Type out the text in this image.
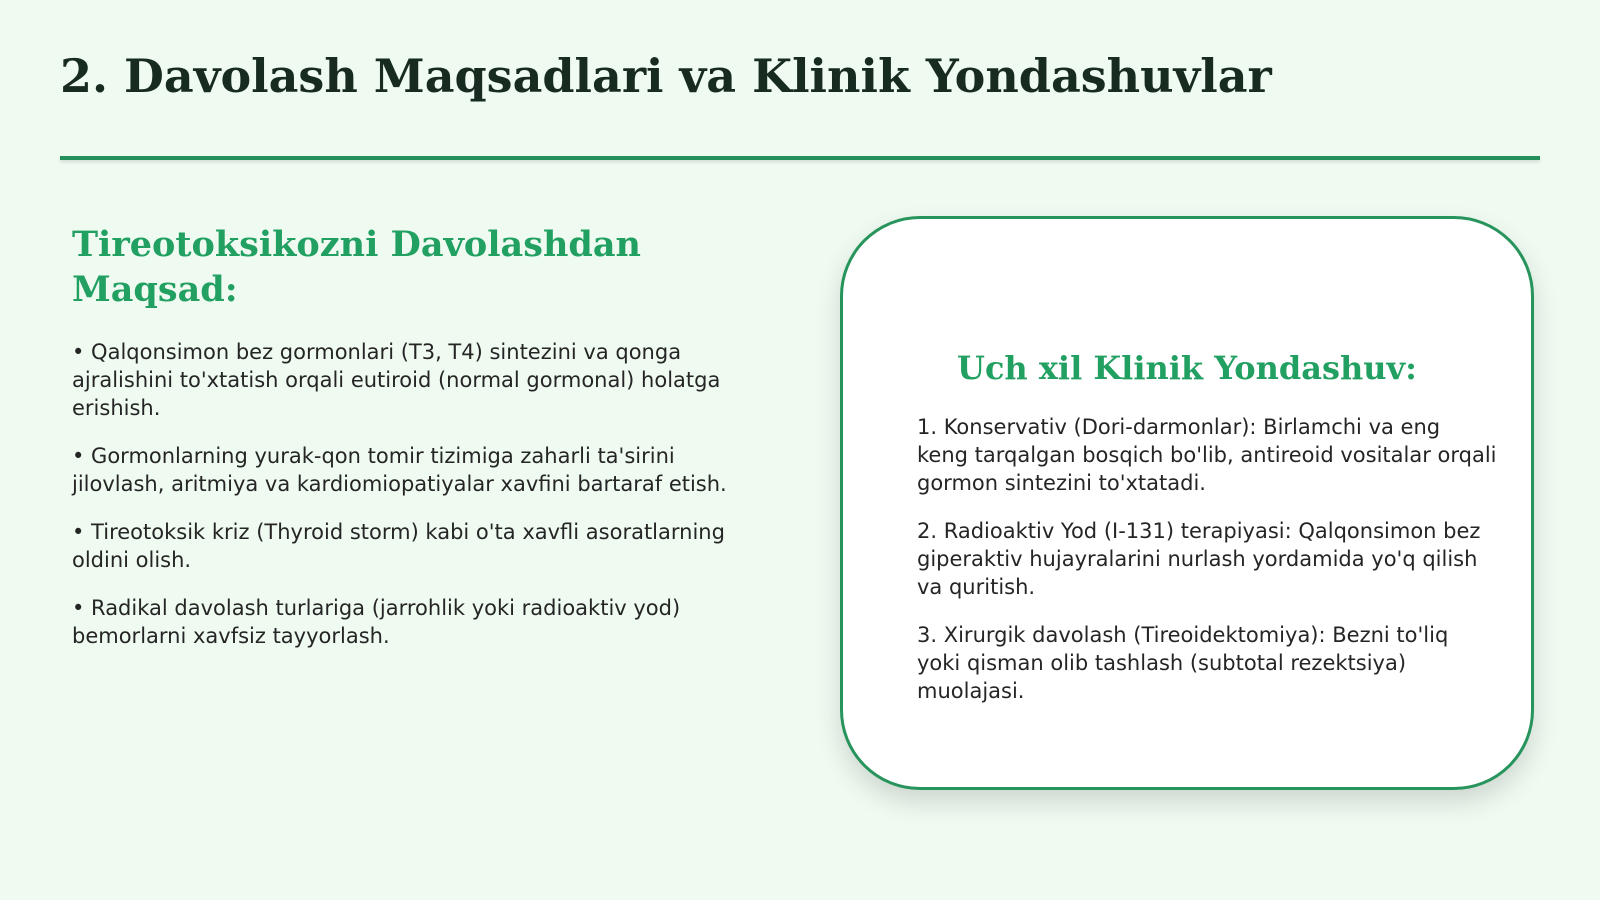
2. Davolash Maqsadlari va Klinik Yondashuvlar
Tireotoksikozni Davolashdan Maqsad:
• Qalqonsimon bez gormonlari (T3, T4) sintezini va qonga ajralishini to'xtatish orqali eutiroid (normal gormonal) holatga erishish.
• Gormonlarning yurak-qon tomir tizimiga zaharli ta'sirini jilovlash, aritmiya va kardiomiopatiyalar xavfini bartaraf etish.
• Tireotoksik kriz (Thyroid storm) kabi o'ta xavfli asoratlarning oldini olish.
• Radikal davolash turlariga (jarrohlik yoki radioaktiv yod) bemorlarni xavfsiz tayyorlash.
Uch xil Klinik Yondashuv:
1. Konservativ (Dori-darmonlar): Birlamchi va eng keng tarqalgan bosqich bo'lib, antireoid vositalar orqali gormon sintezini to'xtatadi.
2. Radioaktiv Yod (I-131) terapiyasi: Qalqonsimon bez giperaktiv hujayralarini nurlash yordamida yo'q qilish va quritish.
3. Xirurgik davolash (Tireoidektomiya): Bezni to'liq yoki qisman olib tashlash (subtotal rezektsiya) muolajasi.
